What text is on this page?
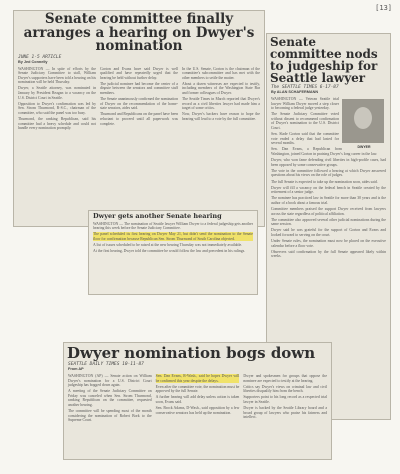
[13]
Senate committee finally arranges a hearing on Dwyer's nomination
JUNE 1-5 ARTICLE
By Jed Connelly

WASHINGTON — In spite of efforts by the Senate Judiciary Committee to stall, William Dwyer's supporters have been told a hearing on his nomination will be held Thursday.

Dwyer, a Seattle attorney, was nominated in January by President Reagan to a vacancy on the U.S. District Court in Seattle.

Opposition to Dwyer's confirmation was led by Sen. Strom Thurmond, R-S.C., chairman of the committee, who said the panel was too busy.

Thurmond, the ranking Republican, said his committee had a heavy schedule and could not handle every nomination promptly.

Gorton and Evans have said Dwyer is well qualified and have repeatedly urged that the hearing be held without further delay.

The judicial nominee had become the center of a dispute between the senators and committee staff members.

The Senate unanimously confirmed the nomination of Dwyer on the recommendation of the home-state senators, aides said.

Thurmond and Republicans on the panel have been reluctant to proceed until all paperwork was complete.

In the U.S. Senate, Gorton is the chairman of the committee's subcommittee and has met with the other members to settle the matter.

About a dozen witnesses are expected to testify, including members of the Washington State Bar and former colleagues of Dwyer.

The Seattle Times in March reported that Dwyer's record as a civil liberties lawyer had made him a target of some critics.

Now, Dwyer's backers have reason to hope the hearing will lead to a vote by the full committee.

Senate committee nods to judgeship for Seattle lawyer
The SEATTLE TIMES 6-17-87
By ALAN SCHAFERMANN
DWYER

WASHINGTON — Veteran Seattle trial lawyer William Dwyer moved a step closer to becoming a federal judge yesterday.

The Senate Judiciary Committee voted without dissent to recommend confirmation of Dwyer's nomination to the U.S. District Court.

Sen. Slade Gorton said that the committee vote ended a delay that had lasted for several months.

Sen. Dan Evans, a Republican from Washington, joined Gorton in praising Dwyer's long career in the law.

Dwyer, who won fame defending civil liberties in high-profile cases, had been opposed by some conservative groups.

The vote in the committee followed a hearing at which Dwyer answered questions about his views on the role of judges.

The full Senate is expected to take up the nomination soon, aides said.

Dwyer will fill a vacancy on the federal bench in Seattle created by the retirement of a senior judge.

The nominee has practiced law in Seattle for more than 30 years and is the author of a book about a famous trial.

Committee members praised the support Dwyer received from lawyers across the state regardless of political affiliation.

The committee also approved several other judicial nominations during the same session.

Dwyer said he was grateful for the support of Gorton and Evans and looked forward to serving on the court.

Under Senate rules, the nomination must now be placed on the executive calendar before a floor vote.

Observers said confirmation by the full Senate appeared likely within weeks.

Dwyer gets another Senate hearing

WASHINGTON — The nomination of Seattle lawyer William Dwyer to a federal judgeship gets another hearing this week before the Senate Judiciary Committee.

The panel scheduled its first hearing on Dwyer May 21, but didn't send the nomination to the Senate floor for confirmation because Republican Sen. Strom Thurmond of South Carolina objected.

A list of issues scheduled to be raised at the new hearing Thursday was not immediately available.

At the first hearing, Dwyer told the committee he would follow the law and precedent in his rulings.

Dwyer nomination bogs down
SEATTLE DAILY TIMES 10-11-87
From AP

WASHINGTON (AP) — Senate action on William Dwyer's nomination for a U.S. District Court judgeship has bogged down again.

A meeting of the Senate Judiciary Committee on Friday was canceled when Sen. Strom Thurmond, ranking Republican on the committee, requested another hearing.

The committee will be spending most of the month considering the nomination of Robert Bork to the Supreme Court.

Sen. Dan Evans, R-Wash., said he hopes Dwyer will be confirmed this year despite the delays.

Even after the committee vote, the nomination must be approved by the full Senate.

A further hearing will add delay unless action is taken soon, Evans said.

Sen. Brock Adams, D-Wash., said opposition by a few conservative senators has held up the nomination.

Dwyer and spokesmen for groups that oppose the nominee are expected to testify at the hearing.

Critics say Dwyer's views on criminal law and civil liberties disqualify him from the bench.

Supporters point to his long record as a respected trial lawyer in Seattle.

Dwyer is backed by the Seattle Library board and a broad group of lawyers who praise his fairness and intellect.
